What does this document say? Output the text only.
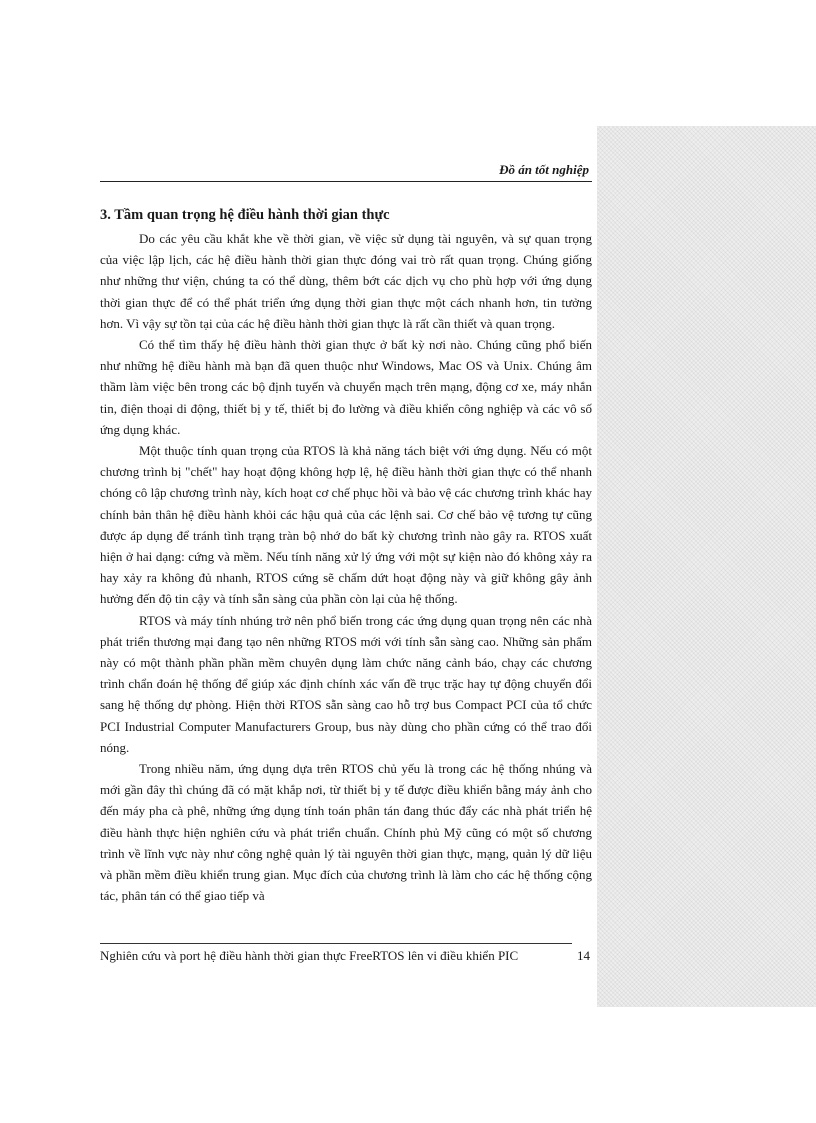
Đồ án tốt nghiệp
3. Tầm quan trọng hệ điều hành thời gian thực

Do các yêu cầu khắt khe về thời gian, về việc sử dụng tài nguyên, và sự quan trọng của việc lập lịch, các hệ điều hành thời gian thực đóng vai trò rất quan trọng. Chúng giống như những thư viện, chúng ta có thể dùng, thêm bớt các dịch vụ cho phù hợp với ứng dụng thời gian thực để có thể phát triển ứng dụng thời gian thực một cách nhanh hơn, tin tưởng hơn. Vì vậy sự tồn tại của các hệ điều hành thời gian thực là rất cần thiết và quan trọng.

Có thể tìm thấy hệ điều hành thời gian thực ở bất kỳ nơi nào. Chúng cũng phổ biến như những hệ điều hành mà bạn đã quen thuộc như Windows, Mac OS và Unix. Chúng âm thầm làm việc bên trong các bộ định tuyến và chuyển mạch trên mạng, động cơ xe, máy nhắn tin, điện thoại di động, thiết bị y tế, thiết bị đo lường và điều khiển công nghiệp và các vô số ứng dụng khác.

Một thuộc tính quan trọng của RTOS là khả năng tách biệt với ứng dụng. Nếu có một chương trình bị "chết" hay hoạt động không hợp lệ, hệ điều hành thời gian thực có thể nhanh chóng cô lập chương trình này, kích hoạt cơ chế phục hồi và bảo vệ các chương trình khác hay chính bản thân hệ điều hành khỏi các hậu quả của các lệnh sai. Cơ chế bảo vệ tương tự cũng được áp dụng để tránh tình trạng tràn bộ nhớ do bất kỳ chương trình nào gây ra. RTOS xuất hiện ở hai dạng: cứng và mềm. Nếu tính năng xử lý ứng với một sự kiện nào đó không xảy ra hay xảy ra không đủ nhanh, RTOS cứng sẽ chấm dứt hoạt động này và giữ không gây ảnh hưởng đến độ tin cậy và tính sẵn sàng của phần còn lại của hệ thống.

RTOS và máy tính nhúng trở nên phổ biến trong các ứng dụng quan trọng nên các nhà phát triển thương mại đang tạo nên những RTOS mới với tính sẵn sàng cao. Những sản phẩm này có một thành phần phần mềm chuyên dụng làm chức năng cảnh báo, chạy các chương trình chẩn đoán hệ thống để giúp xác định chính xác vấn đề trục trặc hay tự động chuyển đổi sang hệ thống dự phòng. Hiện thời RTOS sẵn sàng cao hỗ trợ bus Compact PCI của tổ chức PCI Industrial Computer Manufacturers Group, bus này dùng cho phần cứng có thể trao đổi nóng.

Trong nhiều năm, ứng dụng dựa trên RTOS chủ yếu là trong các hệ thống nhúng và mới gần đây thì chúng đã có mặt khắp nơi, từ thiết bị y tế được điều khiển bằng máy ảnh cho đến máy pha cà phê, những ứng dụng tính toán phân tán đang thúc đẩy các nhà phát triển hệ điều hành thực hiện nghiên cứu và phát triển chuẩn. Chính phủ Mỹ cũng có một số chương trình về lĩnh vực này như công nghệ quản lý tài nguyên thời gian thực, mạng, quản lý dữ liệu và phần mềm điều khiển trung gian. Mục đích của chương trình là làm cho các hệ thống cộng tác, phân tán có thể giao tiếp và

Nghiên cứu và port hệ điều hành thời gian thực FreeRTOS lên vi điều khiển PIC	14
